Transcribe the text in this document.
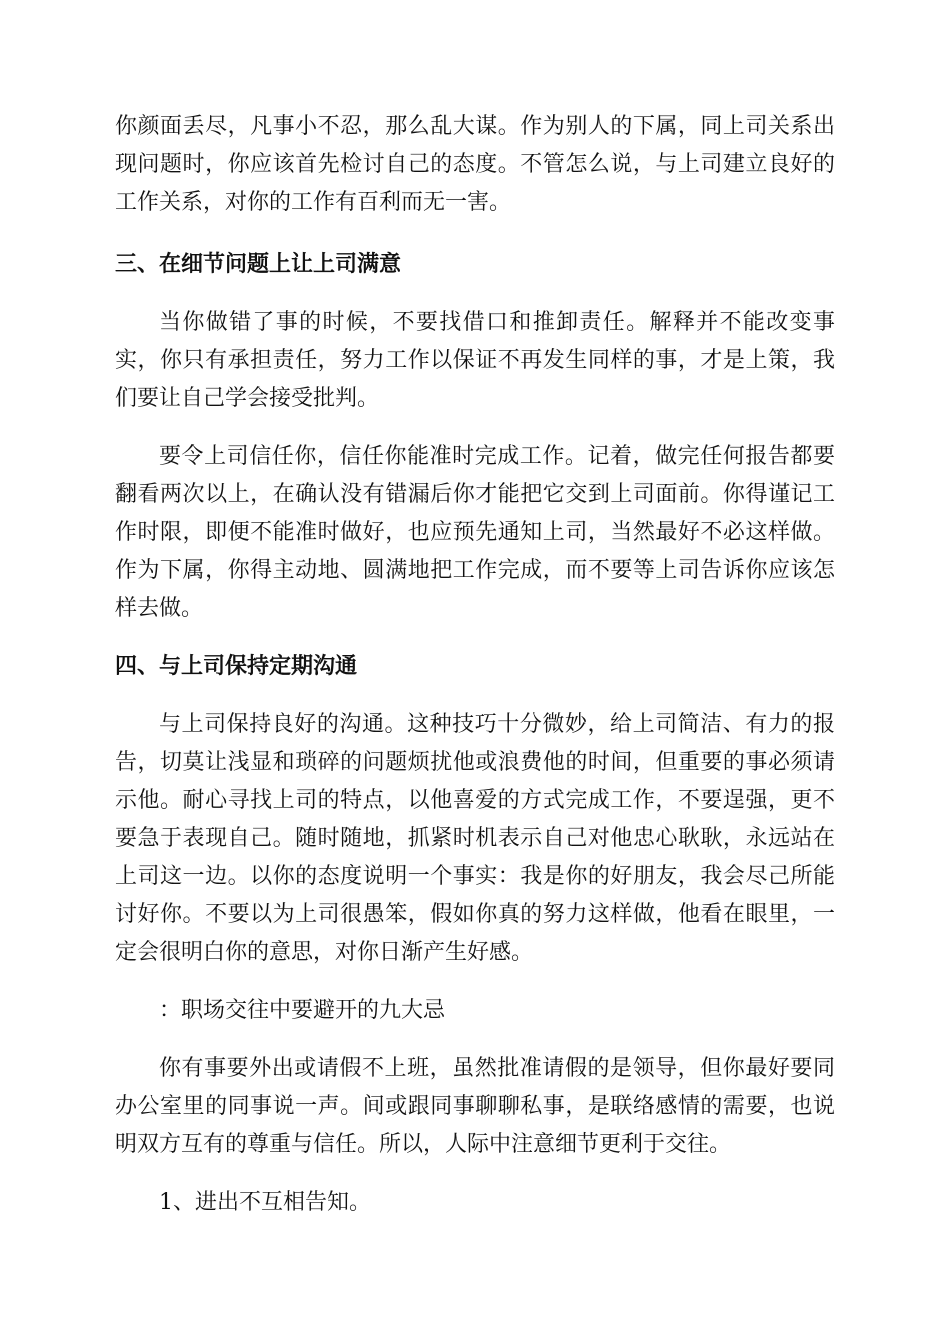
你颜面丢尽，凡事小不忍，那么乱大谋。作为别人的下属，同上司关系出现问题时，你应该首先检讨自己的态度。不管怎么说，与上司建立良好的工作关系，对你的工作有百利而无一害。

三、在细节问题上让上司满意

当你做错了事的时候，不要找借口和推卸责任。解释并不能改变事实，你只有承担责任，努力工作以保证不再发生同样的事，才是上策，我们要让自己学会接受批判。

要令上司信任你，信任你能准时完成工作。记着，做完任何报告都要翻看两次以上，在确认没有错漏后你才能把它交到上司面前。你得谨记工作时限，即便不能准时做好，也应预先通知上司，当然最好不必这样做。作为下属，你得主动地、圆满地把工作完成，而不要等上司告诉你应该怎样去做。

四、与上司保持定期沟通

与上司保持良好的沟通。这种技巧十分微妙，给上司简洁、有力的报告，切莫让浅显和琐碎的问题烦扰他或浪费他的时间，但重要的事必须请示他。耐心寻找上司的特点，以他喜爱的方式完成工作，不要逞强，更不要急于表现自己。随时随地，抓紧时机表示自己对他忠心耿耿，永远站在上司这一边。以你的态度说明一个事实：我是你的好朋友，我会尽己所能讨好你。不要以为上司很愚笨，假如你真的努力这样做，他看在眼里，一定会很明白你的意思，对你日渐产生好感。

：职场交往中要避开的九大忌

你有事要外出或请假不上班，虽然批准请假的是领导，但你最好要同办公室里的同事说一声。间或跟同事聊聊私事，是联络感情的需要，也说明双方互有的尊重与信任。所以，人际中注意细节更利于交往。

1、进出不互相告知。
